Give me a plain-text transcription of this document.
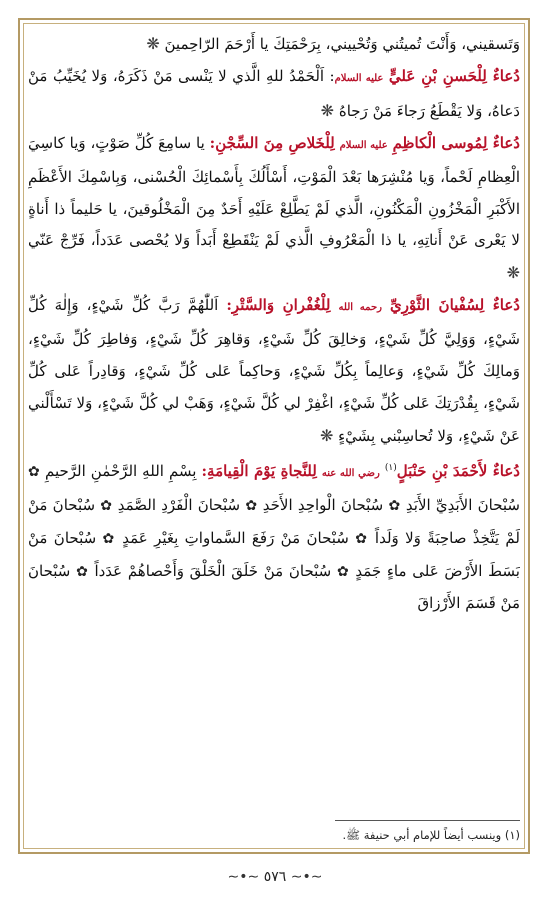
وَتَسقيني، وَأَنْتَ تُميتُني وَتُحْييني، بِرَحْمَتِكَ يا أَرْحَمَ الرّاحِمينَ ❋

دُعاءٌ لِلْحَسنِ بْنِ عَليٍّ عليه السلام: اَلْحَمْدُ للهِ الَّذي لا يَنْسى مَنْ ذَكَرَهُ، وَلا يُخَيِّبُ مَنْ دَعاهُ، وَلا يَقْطَعُ رَجاءَ مَنْ رَجاهُ ❋

دُعاءٌ لِمُوسى الْكاظِمِ عليه السلام لِلْخَلاصِ مِنَ السِّجْنِ: يا سامِعَ كُلِّ صَوْتٍ، وَيا كاسِيَ الْعِظامِ لَحْماً، وَيا مُنْشِرَها بَعْدَ الْمَوْتِ، أَسْأَلُكَ بِأَسْمائِكَ الْحُسْنى، وَبِاسْمِكَ الأَعْظَمِ الأَكْبَرِ الْمَخْزُونِ الْمَكْنُونِ، الَّذي لَمْ يَطَّلِعْ عَلَيْهِ أَحَدٌ مِنَ الْمَخْلُوقينَ، يا حَليماً ذا أَناةٍ لا يَعْرى عَنْ أَناتِهِ، يا ذا الْمَعْرُوفِ الَّذي لَمْ يَنْقَطِعْ أَبَداً وَلا يُحْصى عَدَداً، فَرِّجْ عَنّي ❋

دُعاءٌ لِسُفْيانَ الثَّوْرِيِّ رحمه الله لِلْغُفْرانِ وَالسَّتْرِ: اَللّٰهُمَّ رَبَّ كُلِّ شَيْءٍ، وَإِلٰهَ كُلِّ شَيْءٍ، وَوَلِيَّ كُلِّ شَيْءٍ، وَخالِقَ كُلِّ شَيْءٍ، وَقاهِرَ كُلِّ شَيْءٍ، وَفاطِرَ كُلِّ شَيْءٍ، وَمالِكَ كُلِّ شَيْءٍ، وَعالِماً بِكُلِّ شَيْءٍ، وَحاكِماً عَلى كُلِّ شَيْءٍ، وَقادِراً عَلى كُلِّ شَيْءٍ، بِقُدْرَتِكَ عَلى كُلِّ شَيْءٍ، اغْفِرْ لي كُلَّ شَيْءٍ، وَهَبْ لي كُلَّ شَيْءٍ، وَلا تَسْأَلْني عَنْ شَيْءٍ، وَلا تُحاسِبْني بِشَيْءٍ ❋

دُعاءٌ لأَحْمَدَ بْنِ حَنْبَلٍ$^{(١)}$ رضي الله عنه لِلنَّجاةِ يَوْمَ الْقِيامَةِ: بِسْمِ اللهِ الرَّحْمٰنِ الرَّحيمِ ✿ سُبْحانَ الأَبَدِيِّ الأَبَدِ ✿ سُبْحانَ الْواحِدِ الأَحَدِ ✿ سُبْحانَ الْفَرْدِ الصَّمَدِ ✿ سُبْحانَ مَنْ لَمْ يَتَّخِذْ صاحِبَةً وَلا وَلَداً ✿ سُبْحانَ مَنْ رَفَعَ السَّماواتِ بِغَيْرِ عَمَدٍ ✿ سُبْحانَ مَنْ بَسَطَ الأَرْضَ عَلى ماءٍ جَمَدٍ ✿ سُبْحانَ مَنْ خَلَقَ الْخَلْقَ وَأَحْصاهُمْ عَدَداً ✿ سُبْحانَ مَنْ قَسَمَ الأَرْزاقَ

(١) وينسب أيضاً للإمام أبي حنيفة ﷺ.
∼•∼ ٥٧٦ ∼•∼
